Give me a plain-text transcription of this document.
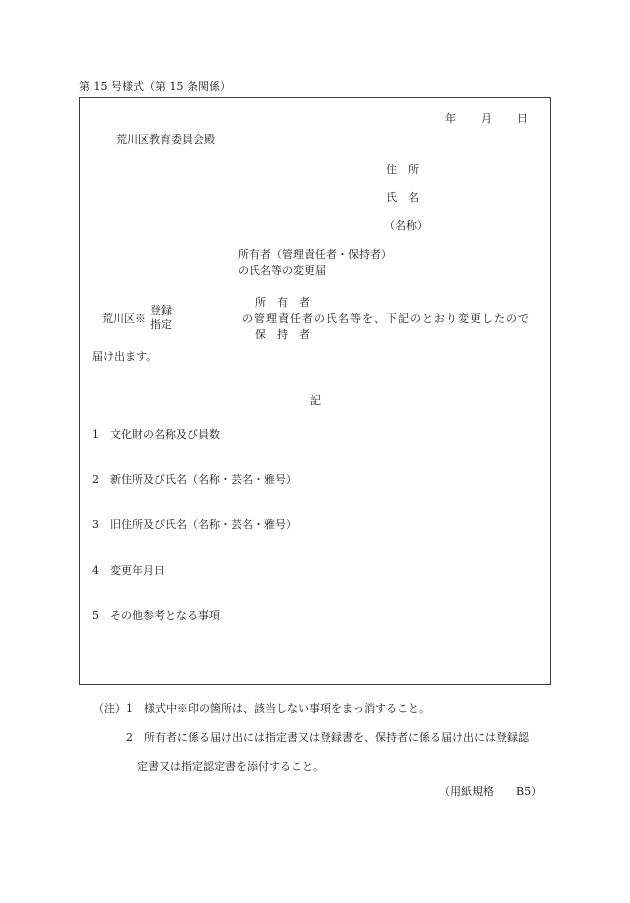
第 15 号様式（第 15 条関係）
年 月 日
荒川区教育委員会殿
住　所
氏　名
（名称）
所有者（管理責任者・保持者）
の氏名等の変更届
荒川区※
登録
指定
所　有　者
の管理責任者の氏名等を、下記のとおり変更したので
保　持　者
届け出ます。
記
1　文化財の名称及び員数
2　新住所及び氏名（名称・芸名・雅号）
3　旧住所及び氏名（名称・芸名・雅号）
4　変更年月日
5　その他参考となる事項
（注） 1　様式中※印の箇所は、該当しない事項をまっ消すること。
2　所有者に係る届け出には指定書又は登録書を、保持者に係る届け出には登録認
定書又は指定認定書を添付すること。
（用紙規格　　B5）
